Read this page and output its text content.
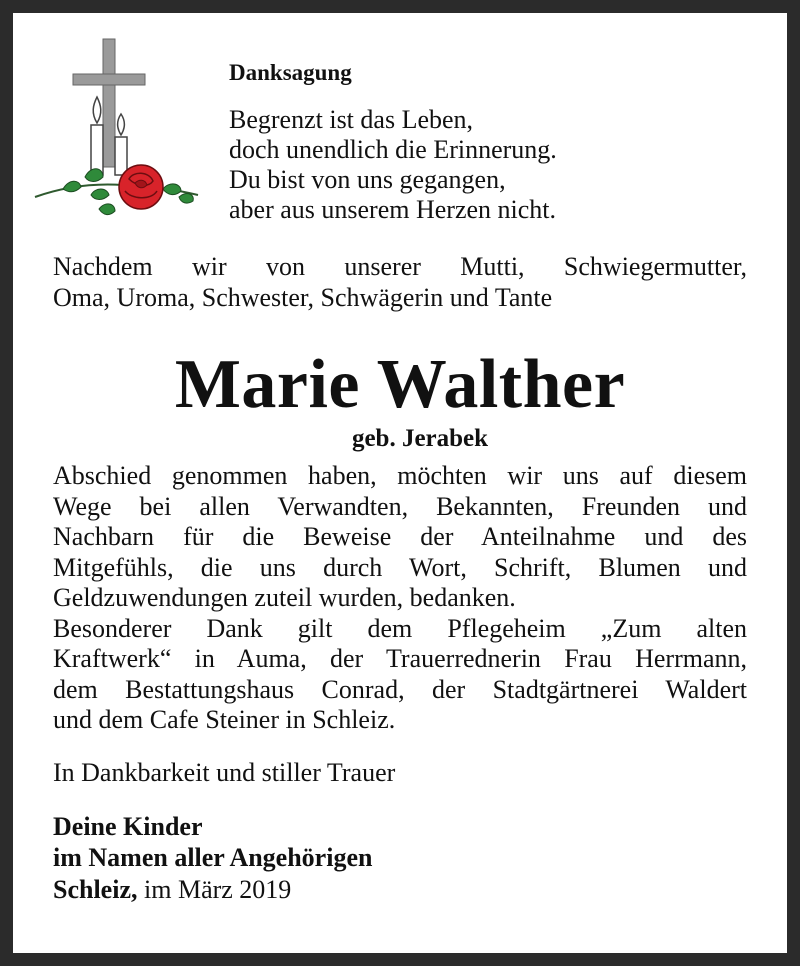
Danksagung
Begrenzt ist das Leben,
doch unendlich die Erinnerung.
Du bist von uns gegangen,
aber aus unserem Herzen nicht.
Nachdem wir von unserer Mutti, Schwiegermutter,
Oma, Uroma, Schwester, Schwägerin und Tante
Marie Walther
geb. Jerabek
Abschied genommen haben, möchten wir uns auf diesem
Wege bei allen Verwandten, Bekannten, Freunden und
Nachbarn für die Beweise der Anteilnahme und des
Mitgefühls, die uns durch Wort, Schrift, Blumen und
Geldzuwendungen zuteil wurden, bedanken.
Besonderer Dank gilt dem Pflegeheim „Zum alten
Kraftwerk“ in Auma, der Trauerrednerin Frau Herrmann,
dem Bestattungshaus Conrad, der Stadtgärtnerei Waldert
und dem Cafe Steiner in Schleiz.
In Dankbarkeit und stiller Trauer
Deine Kinder
im Namen aller Angehörigen
Schleiz, im März 2019
